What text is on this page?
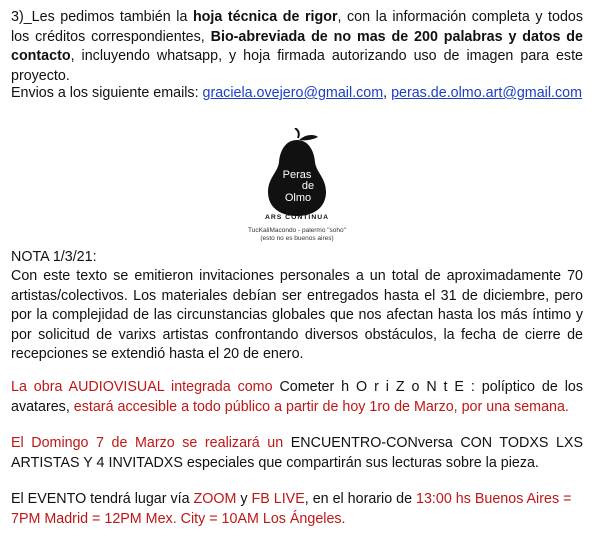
3)_Les pedimos también la hoja técnica de rigor, con la información completa y todos los créditos correspondientes, Bio-abreviada de no mas de 200 palabras y datos de contacto, incluyendo whatsapp, y hoja firmada autorizando uso de imagen para este proyecto.

Envios a los siguiente emails: graciela.ovejero@gmail.com, peras.de.olmo.art@gmail.com

Peras
de
Olmo
ARS CONTINUA
TucKaliMacondo - palermo "soho"
(esto no es buenos aires)

NOTA 1/3/21:

Con este texto se emitieron invitaciones personales a un total de aproximadamente 70 artistas/colectivos. Los materiales debían ser entregados hasta el 31 de diciembre, pero por la complejidad de las circunstancias globales que nos afectan hasta los más íntimo y por solicitud de varixs artistas confrontando diversos obstáculos, la fecha de cierre de recepciones se extendió hasta el 20 de enero.

La obra AUDIOVISUAL integrada como Cometer h O r i Z o N t E : políptico de los avatares, estará accesible a todo público a partir de hoy 1ro de Marzo, por una semana.

El Domingo 7 de Marzo se realizará un ENCUENTRO-CONversa CON TODXS LXS ARTISTAS Y 4 INVITADXS especiales que compartirán sus lecturas sobre la pieza.

El EVENTO tendrá lugar vía ZOOM y FB LIVE, en el horario de 13:00 hs Buenos Aires = 7PM Madrid = 12PM Mex. City = 10AM Los Ángeles.
